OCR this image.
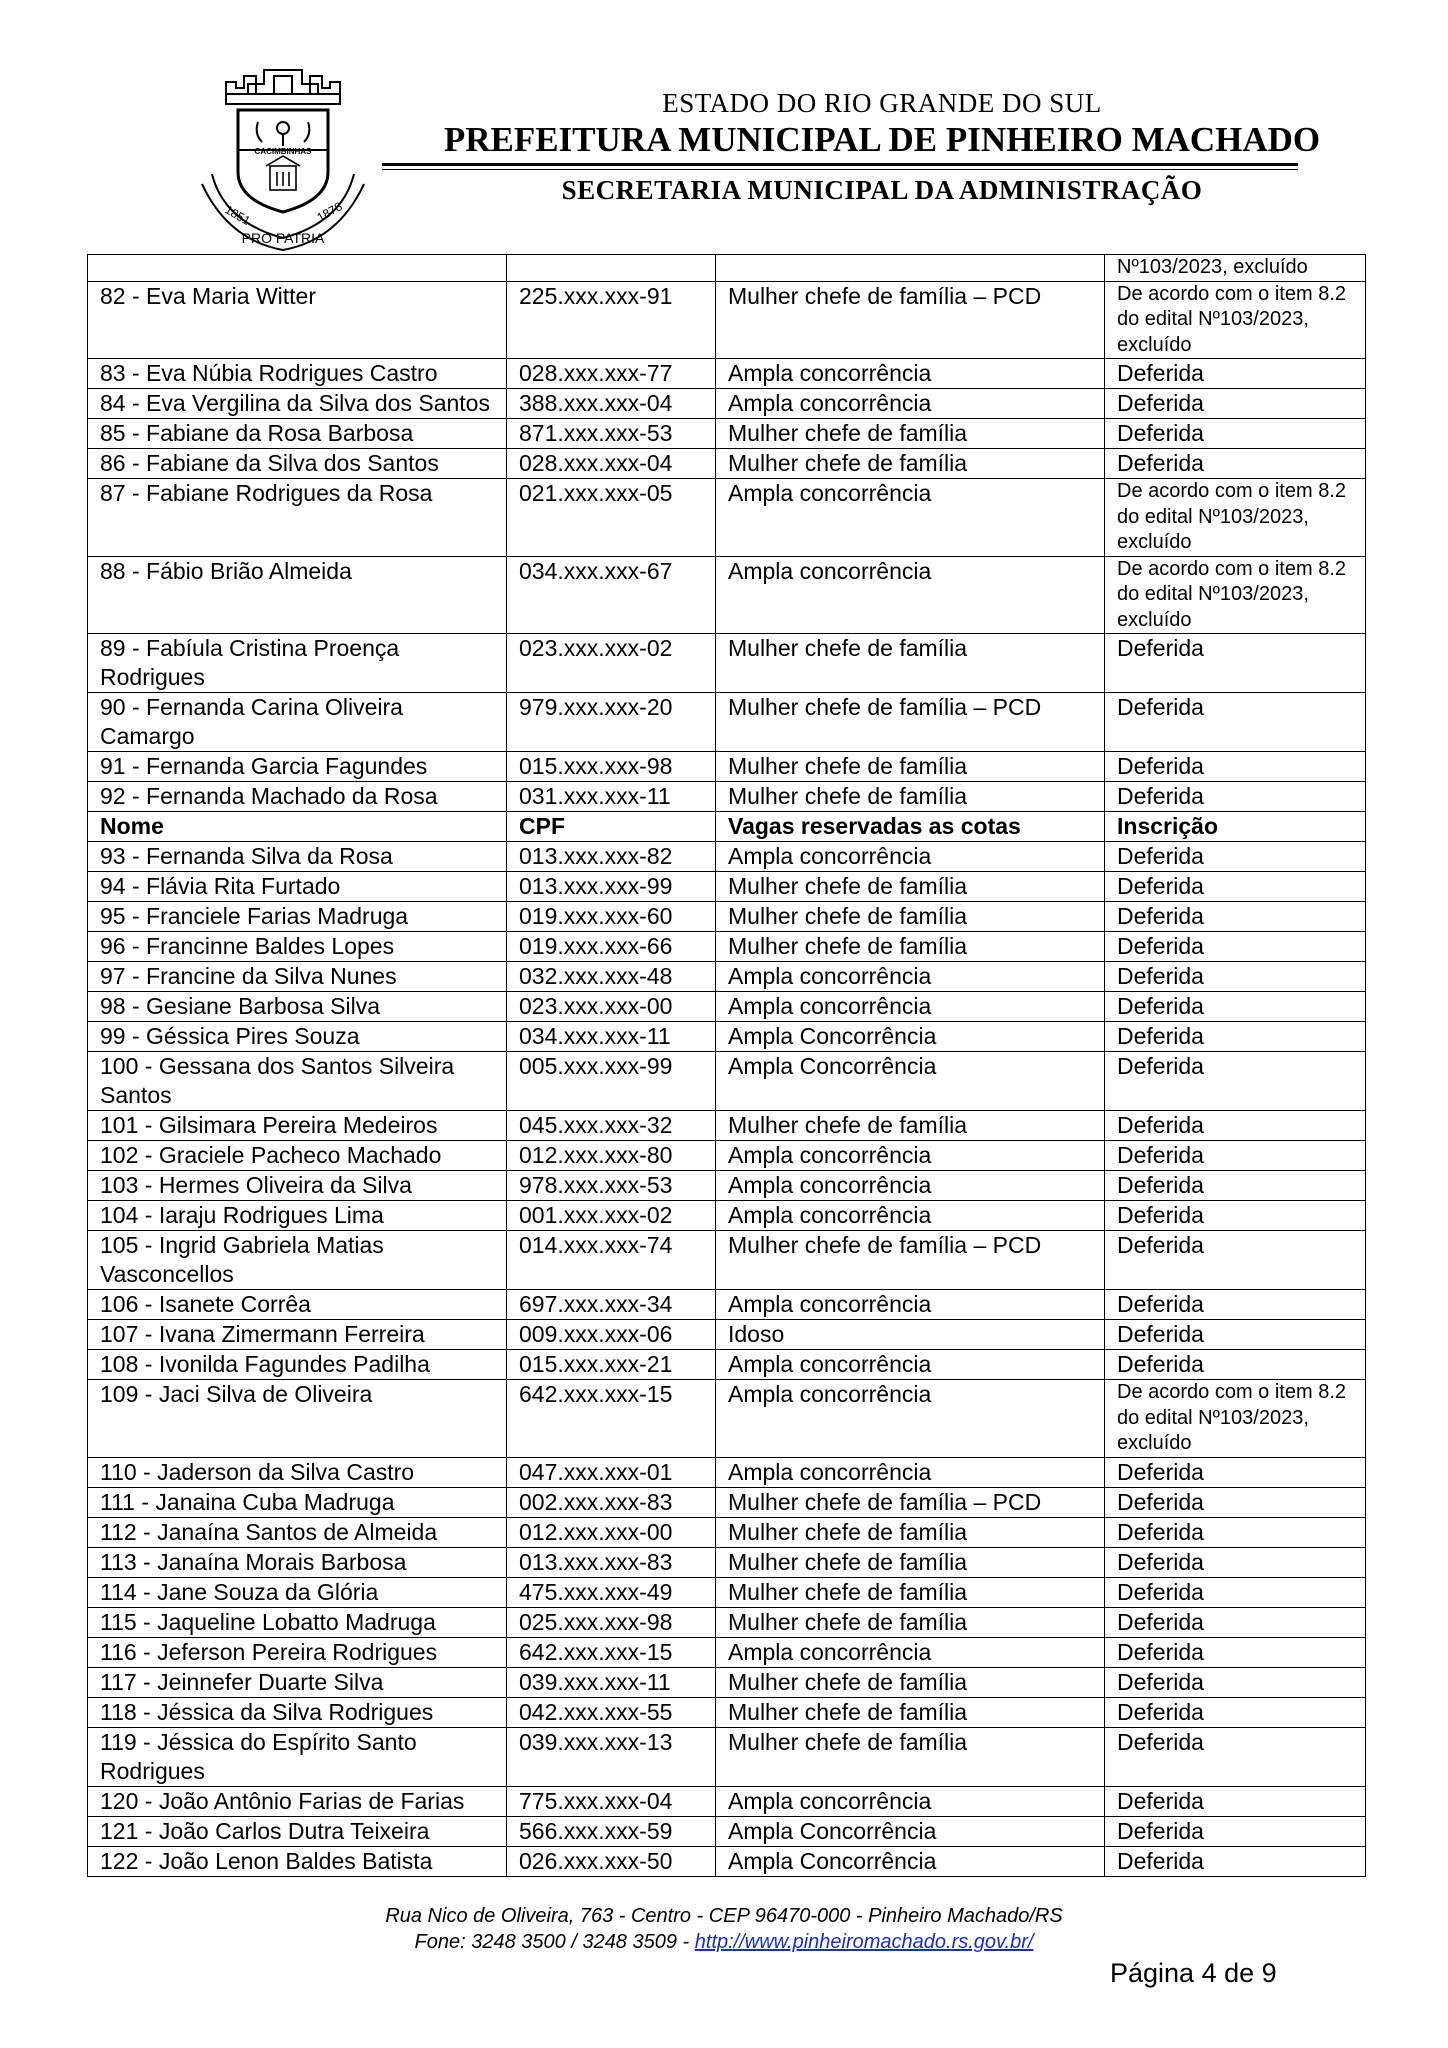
CACIMBINHAS
1851	1878
PRO PATRIA
ESTADO DO RIO GRANDE DO SUL
PREFEITURA MUNICIPAL DE PINHEIRO MACHADO
SECRETARIA MUNICIPAL DA ADMINISTRAÇÃO
			Nº103/2023, excluído
82 - Eva Maria Witter	225.xxx.xxx-91	Mulher chefe de família – PCD	De acordo com o item 8.2 do edital Nº103/2023, excluído
83 - Eva Núbia Rodrigues Castro	028.xxx.xxx-77	Ampla concorrência	Deferida
84 - Eva Vergilina da Silva dos Santos	388.xxx.xxx-04	Ampla concorrência	Deferida
85 - Fabiane da Rosa Barbosa	871.xxx.xxx-53	Mulher chefe de família	Deferida
86 - Fabiane da Silva dos Santos	028.xxx.xxx-04	Mulher chefe de família	Deferida
87 - Fabiane Rodrigues da Rosa	021.xxx.xxx-05	Ampla concorrência	De acordo com o item 8.2 do edital Nº103/2023, excluído
88 - Fábio Brião Almeida	034.xxx.xxx-67	Ampla concorrência	De acordo com o item 8.2 do edital Nº103/2023, excluído
89 - Fabíula Cristina Proença Rodrigues	023.xxx.xxx-02	Mulher chefe de família	Deferida
90 - Fernanda Carina Oliveira Camargo	979.xxx.xxx-20	Mulher chefe de família – PCD	Deferida
91 - Fernanda Garcia Fagundes	015.xxx.xxx-98	Mulher chefe de família	Deferida
92 - Fernanda Machado da Rosa	031.xxx.xxx-11	Mulher chefe de família	Deferida
Nome	CPF	Vagas reservadas as cotas	Inscrição
93 - Fernanda Silva da Rosa	013.xxx.xxx-82	Ampla concorrência	Deferida
94 - Flávia Rita Furtado	013.xxx.xxx-99	Mulher chefe de família	Deferida
95 - Franciele Farias Madruga	019.xxx.xxx-60	Mulher chefe de família	Deferida
96 - Francinne Baldes Lopes	019.xxx.xxx-66	Mulher chefe de família	Deferida
97 - Francine da Silva Nunes	032.xxx.xxx-48	Ampla concorrência	Deferida
98 - Gesiane Barbosa Silva	023.xxx.xxx-00	Ampla concorrência	Deferida
99 - Géssica Pires Souza	034.xxx.xxx-11	Ampla Concorrência	Deferida
100 - Gessana dos Santos Silveira Santos	005.xxx.xxx-99	Ampla Concorrência	Deferida
101 - Gilsimara Pereira Medeiros	045.xxx.xxx-32	Mulher chefe de família	Deferida
102 - Graciele Pacheco Machado	012.xxx.xxx-80	Ampla concorrência	Deferida
103 - Hermes Oliveira da Silva	978.xxx.xxx-53	Ampla concorrência	Deferida
104 - Iaraju Rodrigues Lima	001.xxx.xxx-02	Ampla concorrência	Deferida
105 - Ingrid Gabriela Matias Vasconcellos	014.xxx.xxx-74	Mulher chefe de família – PCD	Deferida
106 - Isanete Corrêa	697.xxx.xxx-34	Ampla concorrência	Deferida
107 - Ivana Zimermann Ferreira	009.xxx.xxx-06	Idoso	Deferida
108 - Ivonilda Fagundes Padilha	015.xxx.xxx-21	Ampla concorrência	Deferida
109 - Jaci Silva de Oliveira	642.xxx.xxx-15	Ampla concorrência	De acordo com o item 8.2 do edital Nº103/2023, excluído
110 - Jaderson da Silva Castro	047.xxx.xxx-01	Ampla concorrência	Deferida
111 - Janaina Cuba Madruga	002.xxx.xxx-83	Mulher chefe de família – PCD	Deferida
112 - Janaína Santos de Almeida	012.xxx.xxx-00	Mulher chefe de família	Deferida
113 - Janaína Morais Barbosa	013.xxx.xxx-83	Mulher chefe de família	Deferida
114 - Jane Souza da Glória	475.xxx.xxx-49	Mulher chefe de família	Deferida
115 - Jaqueline Lobatto Madruga	025.xxx.xxx-98	Mulher chefe de família	Deferida
116 - Jeferson Pereira Rodrigues	642.xxx.xxx-15	Ampla concorrência	Deferida
117 - Jeinnefer Duarte Silva	039.xxx.xxx-11	Mulher chefe de família	Deferida
118 - Jéssica da Silva Rodrigues	042.xxx.xxx-55	Mulher chefe de família	Deferida
119 - Jéssica do Espírito Santo Rodrigues	039.xxx.xxx-13	Mulher chefe de família	Deferida
120 - João Antônio Farias de Farias	775.xxx.xxx-04	Ampla concorrência	Deferida
121 - João Carlos Dutra Teixeira	566.xxx.xxx-59	Ampla Concorrência	Deferida
122 - João Lenon Baldes Batista	026.xxx.xxx-50	Ampla Concorrência	Deferida
Rua Nico de Oliveira, 763 - Centro - CEP 96470-000 - Pinheiro Machado/RS
Fone: 3248 3500 / 3248 3509 - http://www.pinheiromachado.rs.gov.br/
Página 4 de 9
